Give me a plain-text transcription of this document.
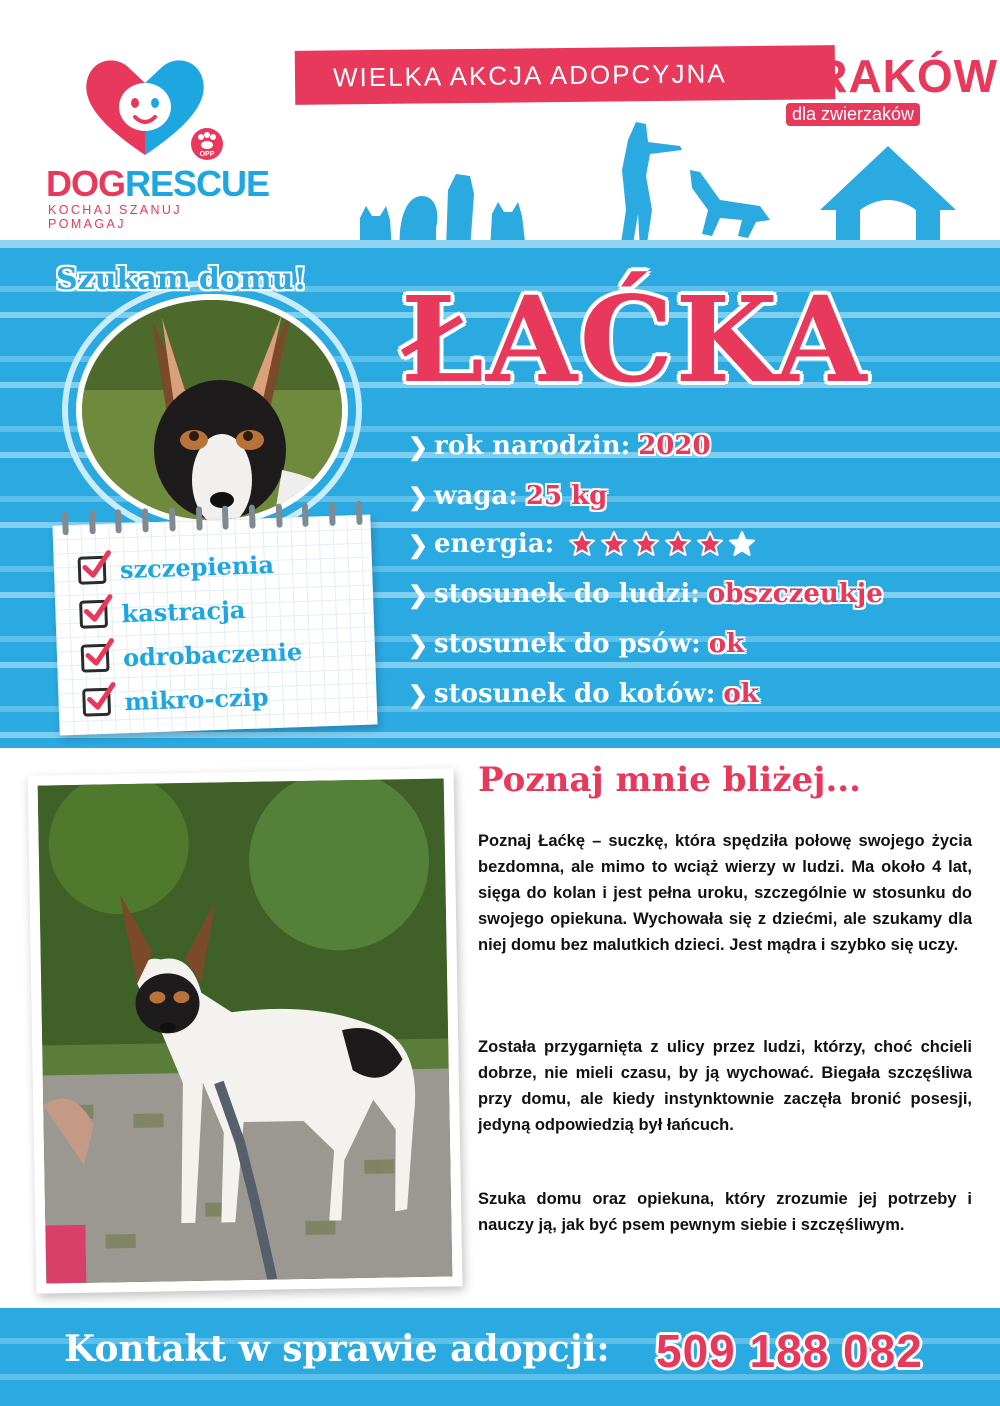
OPP
DOGRESCUE
KOCHAJ SZANUJ POMAGAJ
WIELKA AKCJA ADOPCYJNA KRAKÓW
dla zwierzaków
Szukam domu!
szczepienia
kastracja
odrobaczenie
mikro-czip
ŁAĆKA
❯ rok narodzin: 2020
❯ waga: 25 kg
❯ energia:
❯ stosunek do ludzi: obszczeukje
❯ stosunek do psów: ok
❯ stosunek do kotów: ok
Poznaj mnie bliżej...

Poznaj Łaćkę – suczkę, która spędziła połowę swojego życia bezdomna, ale mimo to wciąż wierzy w ludzi. Ma około 4 lat, sięga do kolan i jest pełna uroku, szczególnie w stosunku do swojego opiekuna. Wychowała się z dziećmi, ale szukamy dla niej domu bez malutkich dzieci. Jest mądra i szybko się uczy.

Została przygarnięta z ulicy przez ludzi, którzy, choć chcieli dobrze, nie mieli czasu, by ją wychować. Biegała szczęśliwa przy domu, ale kiedy instynktownie zaczęła bronić posesji, jedyną odpowiedzią był łańcuch.

Szuka domu oraz opiekuna, który zrozumie jej potrzeby i nauczy ją, jak być psem pewnym siebie i szczęśliwym.

Kontakt w sprawie adopcji: 509 188 082
